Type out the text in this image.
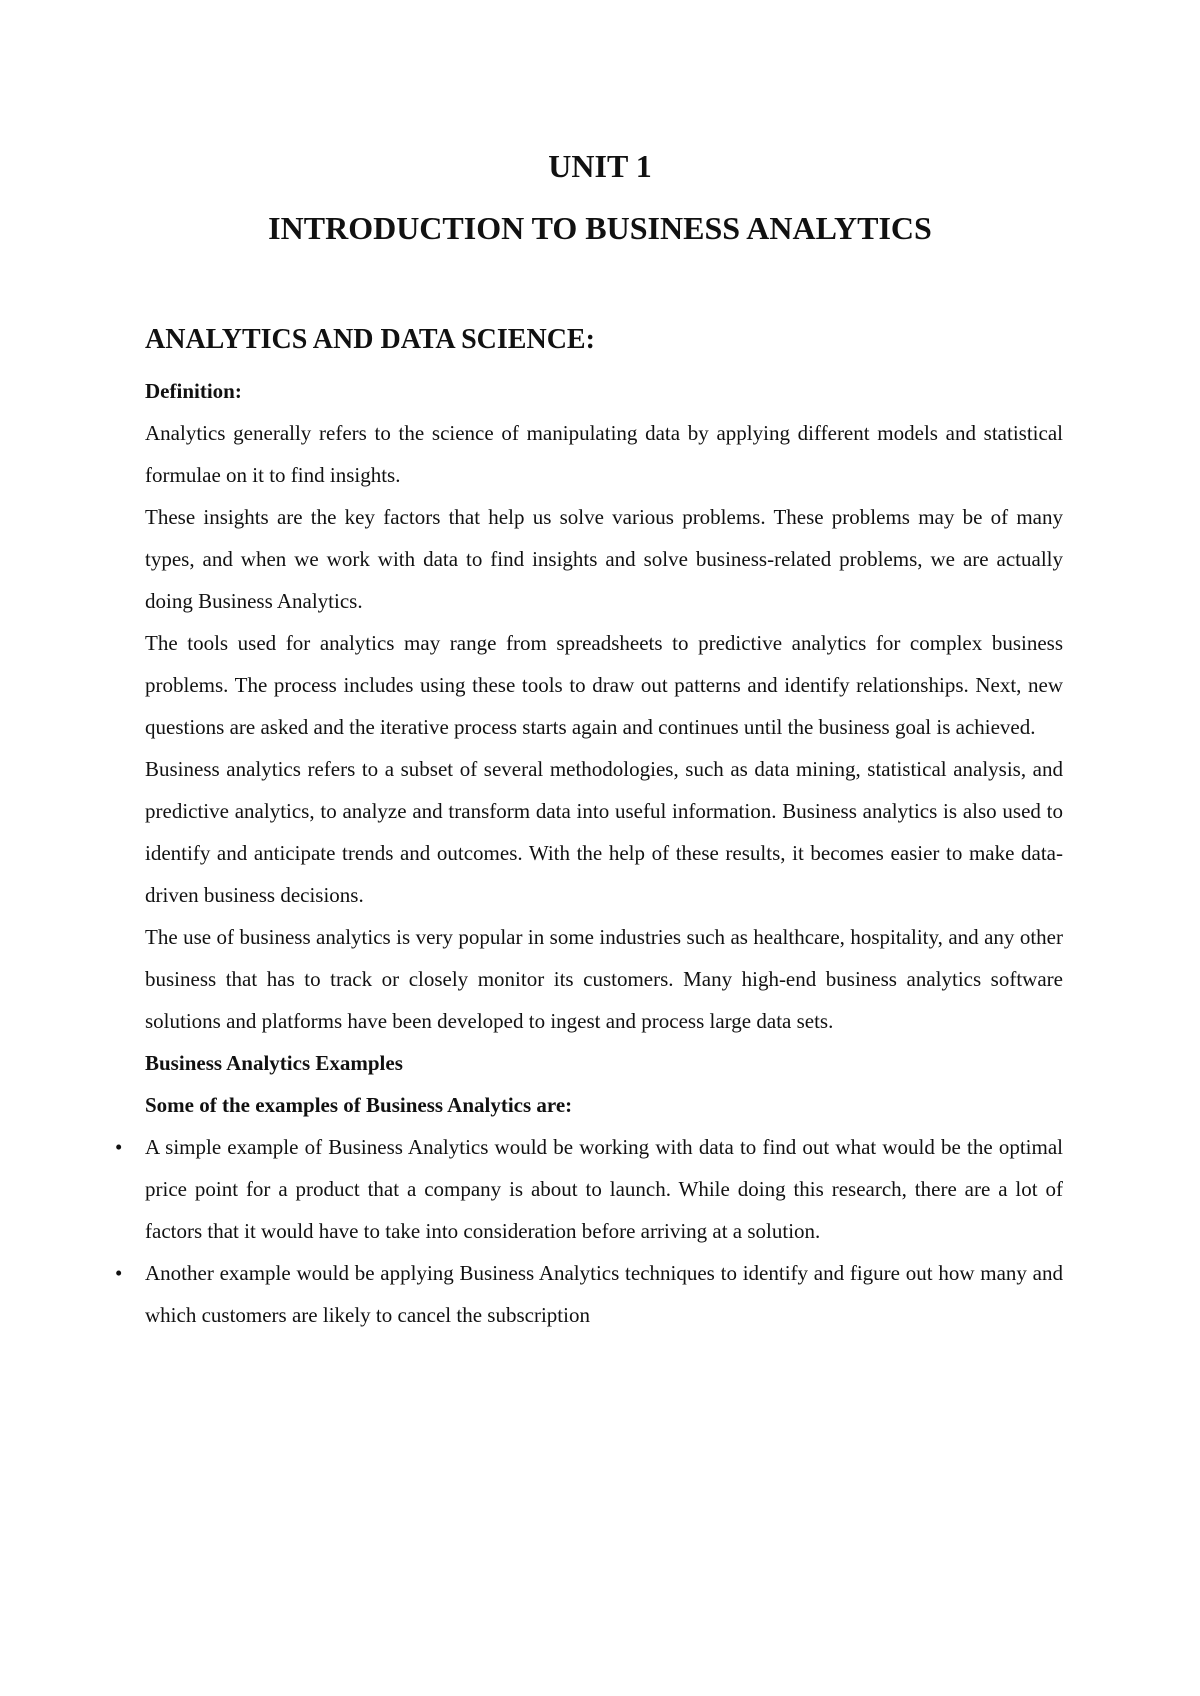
UNIT 1
INTRODUCTION TO BUSINESS ANALYTICS
ANALYTICS AND DATA SCIENCE:

Definition:

Analytics generally refers to the science of manipulating data by applying different models and statistical formulae on it to find insights.

These insights are the key factors that help us solve various problems. These problems may be of many types, and when we work with data to find insights and solve business-related problems, we are actually doing Business Analytics.

The tools used for analytics may range from spreadsheets to predictive analytics for complex business problems. The process includes using these tools to draw out patterns and identify relationships. Next, new questions are asked and the iterative process starts again and continues until the business goal is achieved.

Business analytics refers to a subset of several methodologies, such as data mining, statistical analysis, and predictive analytics, to analyze and transform data into useful information. Business analytics is also used to identify and anticipate trends and outcomes. With the help of these results, it becomes easier to make data-driven business decisions.

The use of business analytics is very popular in some industries such as healthcare, hospitality, and any other business that has to track or closely monitor its customers. Many high-end business analytics software solutions and platforms have been developed to ingest and process large data sets.

Business Analytics Examples

Some of the examples of Business Analytics are:

• A simple example of Business Analytics would be working with data to find out what would be the optimal price point for a product that a company is about to launch. While doing this research, there are a lot of factors that it would have to take into consideration before arriving at a solution.

• Another example would be applying Business Analytics techniques to identify and figure out how many and which customers are likely to cancel the subscription
